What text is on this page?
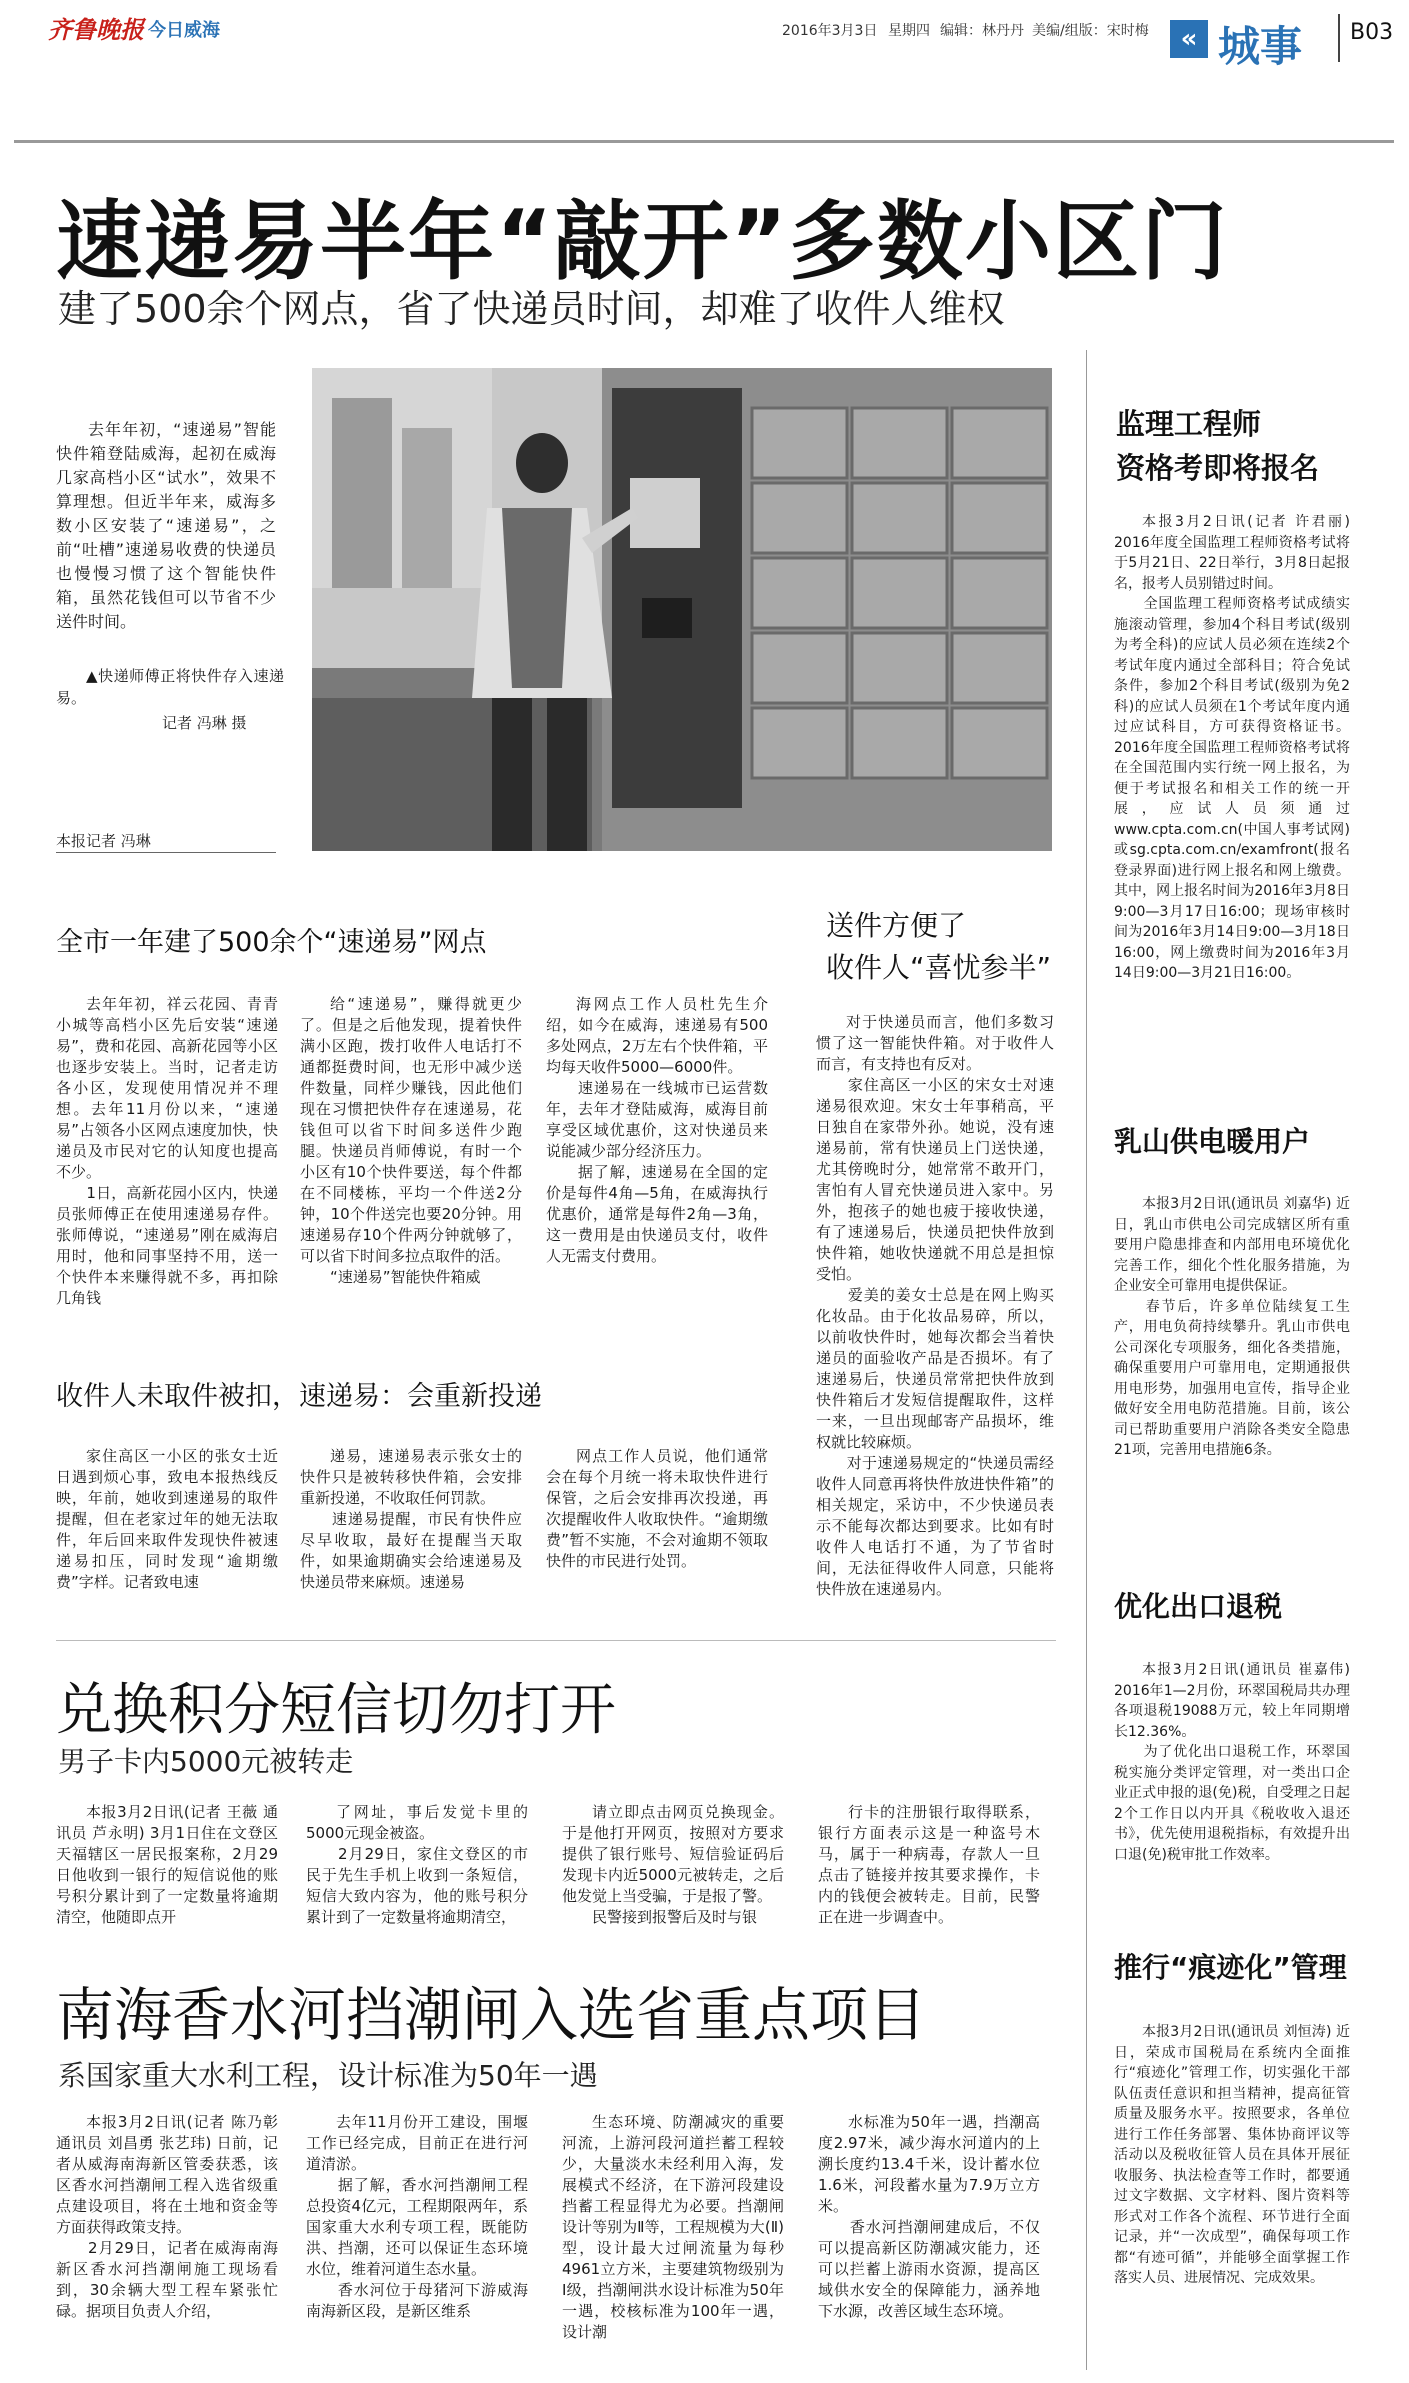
齐鲁晚报 今日威海	2016年3月3日 星期四 编辑：林丹丹 美编/组版：宋时梅	« 城事 B03
速递易半年“敲开”多数小区门
建了500余个网点，省了快递员时间，却难了收件人维权

去年年初，“速递易”智能快件箱登陆威海，起初在威海几家高档小区“试水”，效果不算理想。但近半年来，威海多数小区安装了“速递易”，之前“吐槽”速递易收费的快递员也慢慢习惯了这个智能快件箱，虽然花钱但可以节省不少送件时间。

▲快递师傅正将快件存入速递易。
记者 冯琳 摄
本报记者 冯琳
全市一年建了500余个“速递易”网点
去年年初，祥云花园、青青小城等高档小区先后安装“速递易”，费和花园、高新花园等小区也逐步安装上。当时，记者走访各小区，发现使用情况并不理想。去年11月份以来，“速递易”占领各小区网点速度加快，快递员及市民对它的认知度也提高不少。
　　1日，高新花园小区内，快递员张师傅正在使用速递易存件。张师傅说，“速递易”刚在威海启用时，他和同事坚持不用，送一个快件本来赚得就不多，再扣除几角钱
给“速递易”，赚得就更少了。但是之后他发现，提着快件满小区跑，拨打收件人电话打不通都挺费时间，也无形中减少送件数量，同样少赚钱，因此他们现在习惯把快件存在速递易，花钱但可以省下时间多送件少跑腿。快递员肖师傅说，有时一个小区有10个快件要送，每个件都在不同楼栋，平均一个件送2分钟，10个件送完也要20分钟。用速递易存10个件两分钟就够了，可以省下时间多拉点取件的活。
　　“速递易”智能快件箱威
海网点工作人员杜先生介绍，如今在威海，速递易有500多处网点，2万左右个快件箱，平均每天收件5000—6000件。
　　速递易在一线城市已运营数年，去年才登陆威海，威海目前享受区域优惠价，这对快递员来说能减少部分经济压力。
　　据了解，速递易在全国的定价是每件4角—5角，在威海执行优惠价，通常是每件2角—3角，这一费用是由快递员支付，收件人无需支付费用。
收件人未取件被扣，速递易：会重新投递
家住高区一小区的张女士近日遇到烦心事，致电本报热线反映，年前，她收到速递易的取件提醒，但在老家过年的她无法取件，年后回来取件发现快件被速递易扣压，同时发现“逾期缴费”字样。记者致电速
递易，速递易表示张女士的快件只是被转移快件箱，会安排重新投递，不收取任何罚款。
　　速递易提醒，市民有快件应尽早收取，最好在提醒当天取件，如果逾期确实会给速递易及快递员带来麻烦。速递易
网点工作人员说，他们通常会在每个月统一将未取快件进行保管，之后会安排再次投递，再次提醒收件人收取快件。“逾期缴费”暂不实施，不会对逾期不领取快件的市民进行处罚。
送件方便了
收件人“喜忧参半”
对于快递员而言，他们多数习惯了这一智能快件箱。对于收件人而言，有支持也有反对。
　　家住高区一小区的宋女士对速递易很欢迎。宋女士年事稍高，平日独自在家带外孙。她说，没有速递易前，常有快递员上门送快递，尤其傍晚时分，她常常不敢开门，害怕有人冒充快递员进入家中。另外，抱孩子的她也疲于接收快递，有了速递易后，快递员把快件放到快件箱，她收快递就不用总是担惊受怕。
　　爱美的姜女士总是在网上购买化妆品。由于化妆品易碎，所以，以前收快件时，她每次都会当着快递员的面验收产品是否损坏。有了速递易后，快递员常常把快件放到快件箱后才发短信提醒取件，这样一来，一旦出现邮寄产品损坏，维权就比较麻烦。
　　对于速递易规定的“快递员需经收件人同意再将快件放进快件箱”的相关规定，采访中，不少快递员表示不能每次都达到要求。比如有时收件人电话打不通，为了节省时间，无法征得收件人同意，只能将快件放在速递易内。
兑换积分短信切勿打开
男子卡内5000元被转走
本报3月2日讯(记者 王薇 通讯员 芦永明) 3月1日住在文登区天福辖区一居民报案称，2月29日他收到一银行的短信说他的账号积分累计到了一定数量将逾期清空，他随即点开
了网址，事后发觉卡里的5000元现金被盗。
　　2月29日，家住文登区的市民于先生手机上收到一条短信，短信大致内容为，他的账号积分累计到了一定数量将逾期清空，
请立即点击网页兑换现金。于是他打开网页，按照对方要求提供了银行账号、短信验证码后发现卡内近5000元被转走，之后他发觉上当受骗，于是报了警。
　　民警接到报警后及时与银
行卡的注册银行取得联系，银行方面表示这是一种盗号木马，属于一种病毒，存款人一旦点击了链接并按其要求操作，卡内的钱便会被转走。目前，民警正在进一步调查中。
南海香水河挡潮闸入选省重点项目
系国家重大水利工程，设计标准为50年一遇
本报3月2日讯(记者 陈乃彰 通讯员 刘昌勇 张艺玮) 日前，记者从威海南海新区管委获悉，该区香水河挡潮闸工程入选省级重点建设项目，将在土地和资金等方面获得政策支持。
　　2月29日，记者在威海南海新区香水河挡潮闸施工现场看到，30余辆大型工程车紧张忙碌。据项目负责人介绍，
去年11月份开工建设，围堰工作已经完成，目前正在进行河道清淤。
　　据了解，香水河挡潮闸工程总投资4亿元，工程期限两年，系国家重大水利专项工程，既能防洪、挡潮，还可以保证生态环境水位，维着河道生态水量。
　　香水河位于母猪河下游威海南海新区段，是新区维系
生态环境、防潮减灾的重要河流，上游河段河道拦蓄工程较少，大量淡水未经利用入海，发展模式不经济，在下游河段建设挡蓄工程显得尤为必要。挡潮闸设计等别为Ⅱ等，工程规模为大(Ⅱ)型，设计最大过闸流量为每秒4961立方米，主要建筑物级别为Ⅰ级，挡潮闸洪水设计标准为50年一遇，校核标准为100年一遇，设计潮
水标准为50年一遇，挡潮高度2.97米，减少海水河道内的上溯长度约13.4千米，设计蓄水位1.6米，河段蓄水量为7.9万立方米。
　　香水河挡潮闸建成后，不仅可以提高新区防潮减灾能力，还可以拦蓄上游雨水资源，提高区域供水安全的保障能力，涵养地下水源，改善区域生态环境。
监理工程师
资格考即将报名
本报3月2日讯(记者 许君丽) 2016年度全国监理工程师资格考试将于5月21日、22日举行，3月8日起报名，报考人员别错过时间。
　　全国监理工程师资格考试成绩实施滚动管理，参加4个科目考试(级别为考全科)的应试人员必须在连续2个考试年度内通过全部科目；符合免试条件，参加2个科目考试(级别为免2科)的应试人员须在1个考试年度内通过应试科目，方可获得资格证书。2016年度全国监理工程师资格考试将在全国范围内实行统一网上报名，为便于考试报名和相关工作的统一开展，应试人员须通过www.cpta.com.cn(中国人事考试网)或sg.cpta.com.cn/examfront(报名登录界面)进行网上报名和网上缴费。其中，网上报名时间为2016年3月8日9:00—3月17日16:00；现场审核时间为2016年3月14日9:00—3月18日16:00，网上缴费时间为2016年3月14日9:00—3月21日16:00。
乳山供电暖用户
本报3月2日讯(通讯员 刘嘉华) 近日，乳山市供电公司完成辖区所有重要用户隐患排查和内部用电环境优化完善工作，细化个性化服务措施，为企业安全可靠用电提供保证。
　　春节后，许多单位陆续复工生产，用电负荷持续攀升。乳山市供电公司深化专项服务，细化各类措施，确保重要用户可靠用电，定期通报供用电形势，加强用电宣传，指导企业做好安全用电防范措施。目前，该公司已帮助重要用户消除各类安全隐患21项，完善用电措施6条。
优化出口退税
本报3月2日讯(通讯员 崔嘉伟) 2016年1—2月份，环翠国税局共办理各项退税19088万元，较上年同期增长12.36%。
　　为了优化出口退税工作，环翠国税实施分类评定管理，对一类出口企业正式申报的退(免)税，自受理之日起2个工作日以内开具《税收收入退还书》，优先使用退税指标，有效提升出口退(免)税审批工作效率。
推行“痕迹化”管理
本报3月2日讯(通讯员 刘恒涛) 近日，荣成市国税局在系统内全面推行“痕迹化”管理工作，切实强化干部队伍责任意识和担当精神，提高征管质量及服务水平。按照要求，各单位进行工作任务部署、集体协商评议等活动以及税收征管人员在具体开展征收服务、执法检查等工作时，都要通过文字数据、文字材料、图片资料等形式对工作各个流程、环节进行全面记录，并“一次成型”，确保每项工作都“有迹可循”，并能够全面掌握工作落实人员、进展情况、完成效果。
